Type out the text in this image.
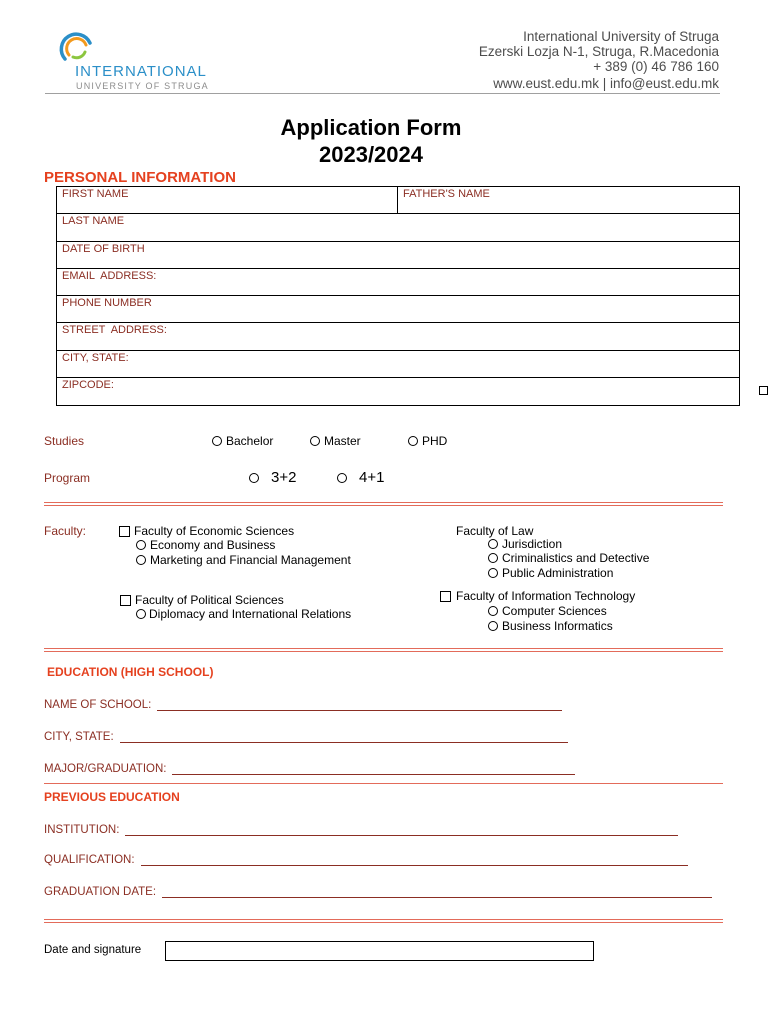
INTERNATIONAL
UNIVERSITY OF STRUGA
International University of Struga
Ezerski Lozja N-1, Struga, R.Macedonia
+ 389 (0) 46 786 160
www.eust.edu.mk | info@eust.edu.mk
Application Form
2023/2024
PERSONAL INFORMATION
FIRST NAME	FATHER'S NAME
LAST NAME
DATE OF BIRTH
EMAIL  ADDRESS:
PHONE NUMBER
STREET  ADDRESS:
CITY, STATE:
ZIPCODE:
Studies	Bachelor	Master	PHD
Program	3+2	4+1
Faculty:	Faculty of Economic Sciences
Economy and Business
Marketing and Financial Management
Faculty of Law
Jurisdiction
Criminalistics and Detective
Public Administration
Faculty of Political Sciences
Diplomacy and International Relations
Faculty of Information Technology
Computer Sciences
Business Informatics
EDUCATION (HIGH SCHOOL)
NAME OF SCHOOL:
CITY, STATE:
MAJOR/GRADUATION:
PREVIOUS EDUCATION
INSTITUTION:
QUALIFICATION:
GRADUATION DATE:
Date and signature
